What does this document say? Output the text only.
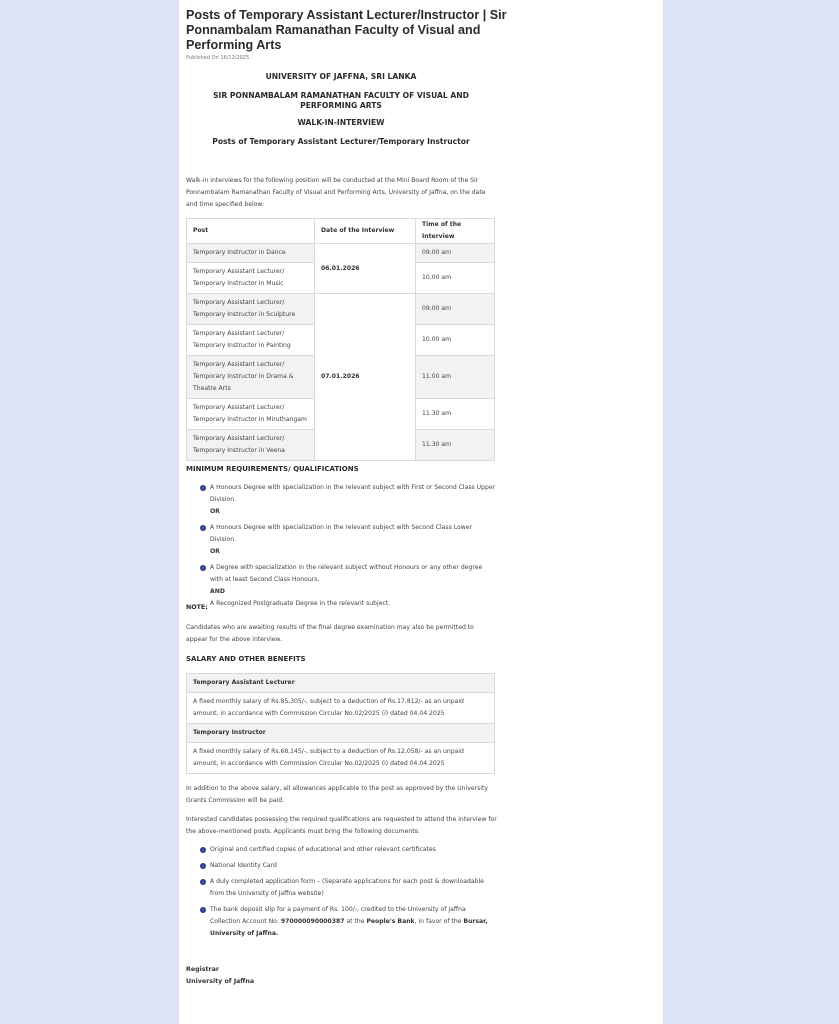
Posts of Temporary Assistant Lecturer/Instructor | Sir Ponnambalam Ramanathan Faculty of Visual and Performing Arts
Published On 16/12/2025
UNIVERSITY OF JAFFNA, SRI LANKA
SIR PONNAMBALAM RAMANATHAN FACULTY OF VISUAL AND PERFORMING ARTS
WALK-IN-INTERVIEW
Posts of Temporary Assistant Lecturer/Temporary Instructor
Walk-in interviews for the following position will be conducted at the Mini Board Room of the Sir Ponnambalam Ramanathan Faculty of Visual and Performing Arts, University of Jaffna, on the date and time specified below:
Post	Date of the Interview	Time of the Interview
Temporary Instructor in Dance	06.01.2026	09.00 am
Temporary Assistant Lecturer/ Temporary Instructor in Music		10.00 am
Temporary Assistant Lecturer/ Temporary Instructor in Sculpture	07.01.2026	09.00 am
Temporary Assistant Lecturer/ Temporary Instructor in Painting		10.00 am
Temporary Assistant Lecturer/ Temporary Instructor in Drama & Theatre Arts		11.00 am
Temporary Assistant Lecturer/ Temporary Instructor in Miruthangam		11.30 am
Temporary Assistant Lecturer/ Temporary Instructor in Veena		11.30 am
MINIMUM REQUIREMENTS/ QUALIFICATIONS
›	A Honours Degree with specialization in the relevant subject with First or Second Class Upper Division.
OR
›	A Honours Degree with specialization in the relevant subject with Second Class Lower Division.
OR
›	A Degree with specialization in the relevant subject without Honours or any other degree with at least Second Class Honours,
AND
A Recognized Postgraduate Degree in the relevant subject.
NOTE:
Candidates who are awaiting results of the final degree examination may also be permitted to appear for the above interview.
SALARY AND OTHER BENEFITS
Temporary Assistant Lecturer
A fixed monthly salary of Rs.85,305/-, subject to a deduction of Rs.17,812/- as an unpaid amount, in accordance with Commission Circular No.02/2025 (i) dated 04.04.2025
Temporary Instructor
A fixed monthly salary of Rs.68,145/-, subject to a deduction of Rs.12,058/- as an unpaid amount, in accordance with Commission Circular No.02/2025 (i) dated 04.04.2025
In addition to the above salary, all allowances applicable to the post as approved by the University Grants Commission will be paid.
Interested candidates possessing the required qualifications are requested to attend the interview for the above-mentioned posts. Applicants must bring the following documents:
›	Original and certified copies of educational and other relevant certificates
›	National Identity Card
›	A duly completed application form – (Separate applications for each post & downloadable from the University of Jaffna website)
›	The bank deposit slip for a payment of Rs. 100/-, credited to the University of Jaffna Collection Account No: 970000090000387 at the People's Bank, in favor of the Bursar, University of Jaffna.
Registrar
University of Jaffna
